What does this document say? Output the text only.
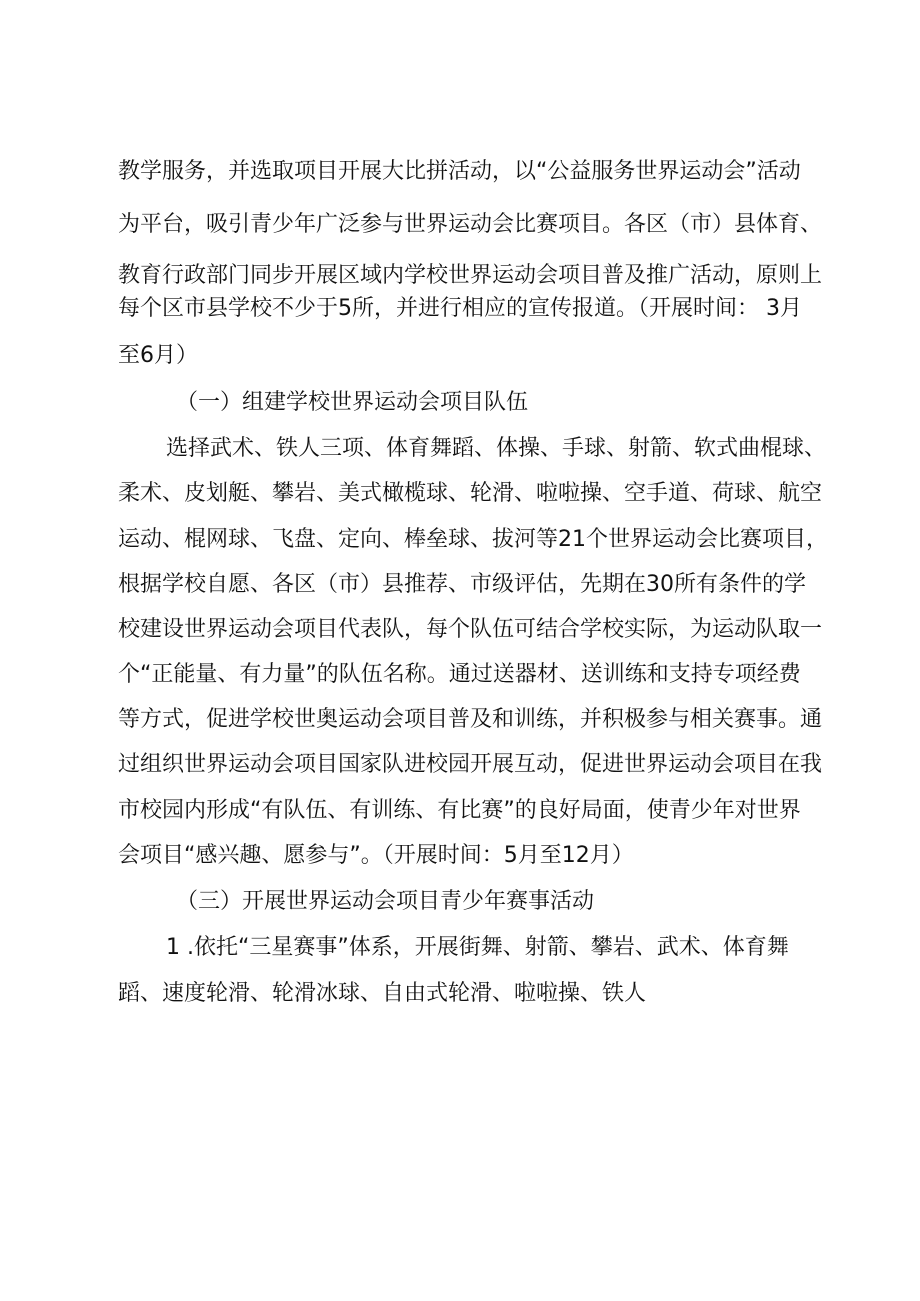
教学服务，并选取项目开展大比拼活动，以“公益服务世界运动会”活动
为平台，吸引青少年广泛参与世界运动会比赛项目。各区（市）县体育、
教育行政部门同步开展区域内学校世界运动会项目普及推广活动，原则上
每个区市县学校不少于5所，并进行相应的宣传报道。（开展时间： 3月
至6月）
（一）组建学校世界运动会项目队伍
选择武术、铁人三项、体育舞蹈、体操、手球、射箭、软式曲棍球、
柔术、皮划艇、攀岩、美式橄榄球、轮滑、啦啦操、空手道、荷球、航空
运动、棍网球、飞盘、定向、棒垒球、拔河等21个世界运动会比赛项目，
根据学校自愿、各区（市）县推荐、市级评估，先期在30所有条件的学
校建设世界运动会项目代表队，每个队伍可结合学校实际，为运动队取一
个“正能量、有力量”的队伍名称。通过送器材、送训练和支持专项经费
等方式，促进学校世奥运动会项目普及和训练，并积极参与相关赛事。通
过组织世界运动会项目国家队进校园开展互动，促进世界运动会项目在我
市校园内形成“有队伍、有训练、有比赛”的良好局面，使青少年对世界
会项目“感兴趣、愿参与”。（开展时间：5月至12月）
（三）开展世界运动会项目青少年赛事活动
1 .依托“三星赛事”体系，开展街舞、射箭、攀岩、武术、体育舞
蹈、速度轮滑、轮滑冰球、自由式轮滑、啦啦操、铁人
